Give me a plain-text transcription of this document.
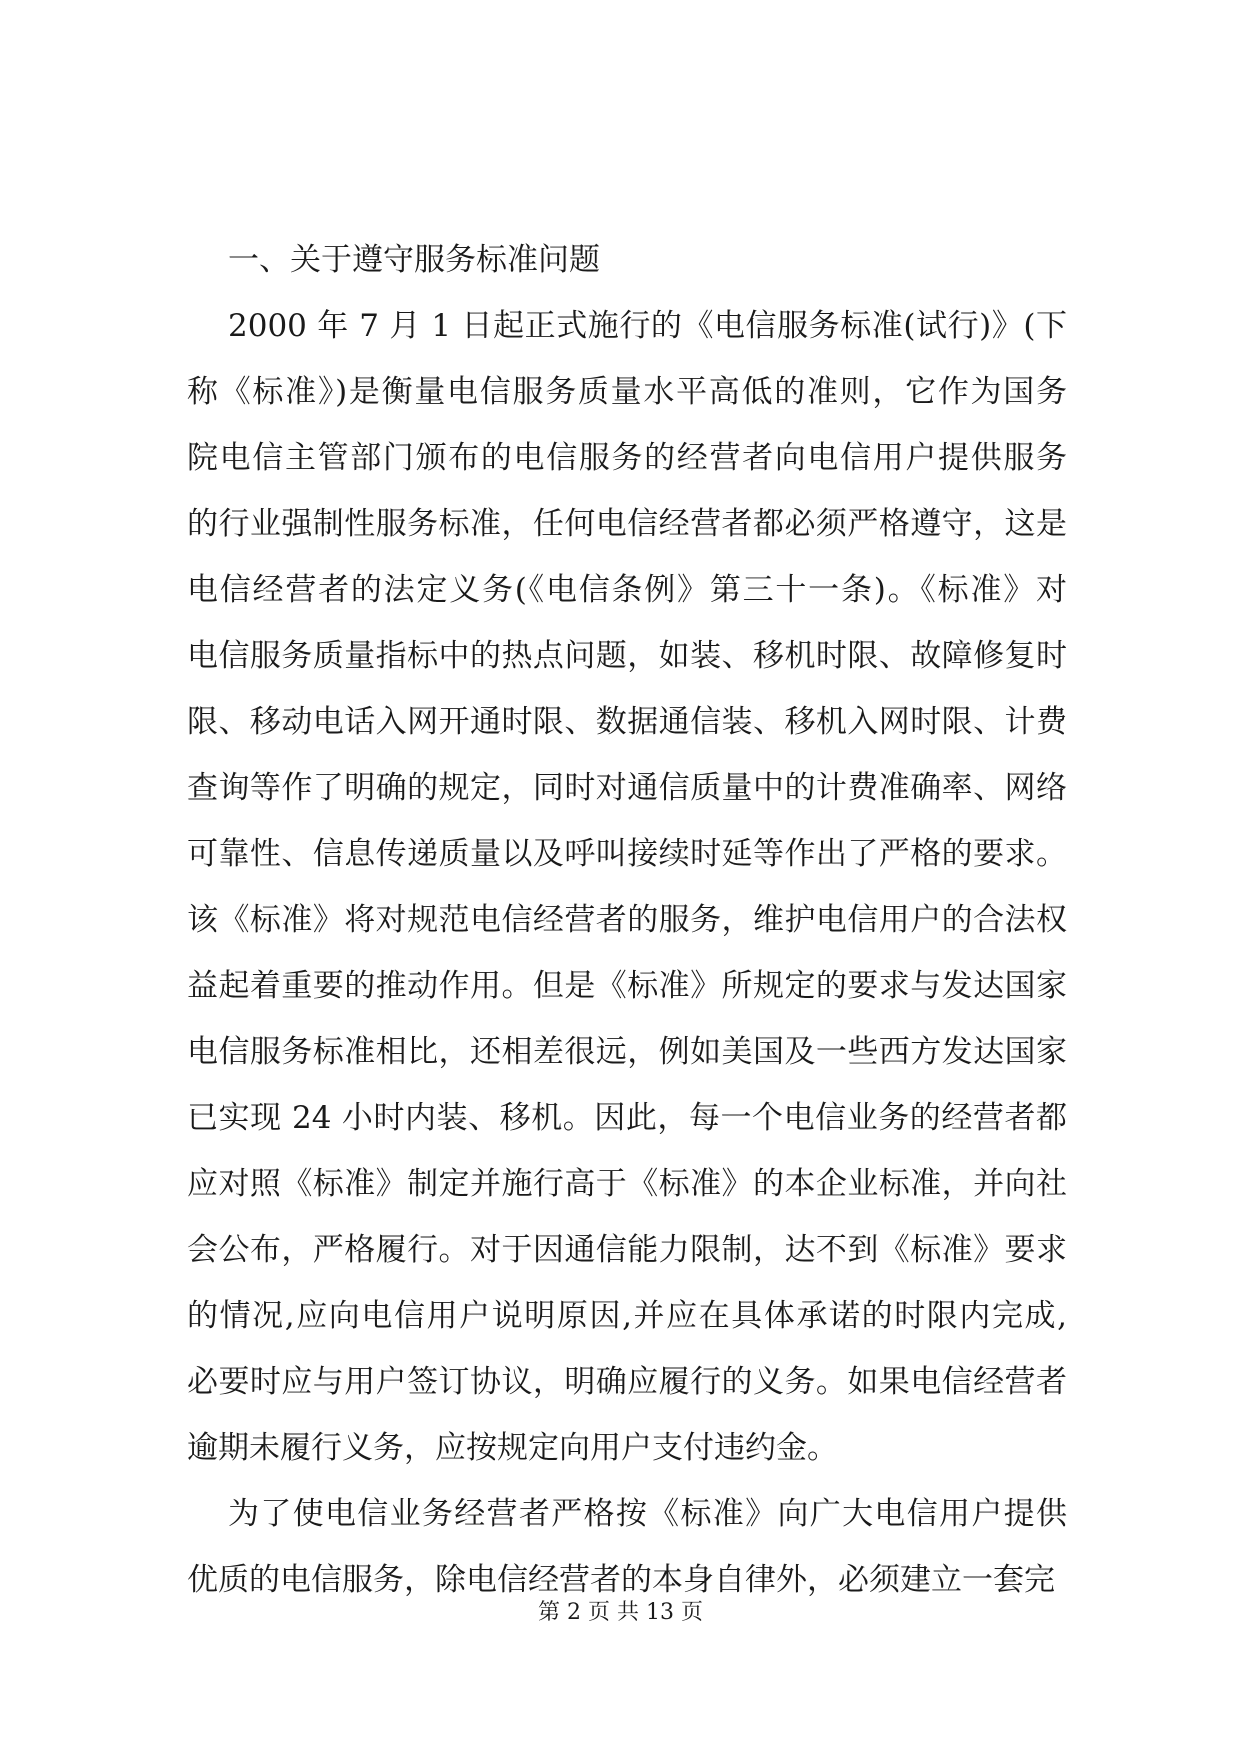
一、关于遵守服务标准问题
2000 年 7 月 1 日起正式施行的《电信服务标准(试行)》(下
称《标准》)是衡量电信服务质量水平高低的准则，它作为国务
院电信主管部门颁布的电信服务的经营者向电信用户提供服务
的行业强制性服务标准，任何电信经营者都必须严格遵守，这是
电信经营者的法定义务(《电信条例》第三十一条)。《标准》对
电信服务质量指标中的热点问题，如装、移机时限、故障修复时
限、移动电话入网开通时限、数据通信装、移机入网时限、计费
查询等作了明确的规定，同时对通信质量中的计费准确率、网络
可靠性、信息传递质量以及呼叫接续时延等作出了严格的要求。
该《标准》将对规范电信经营者的服务，维护电信用户的合法权
益起着重要的推动作用。但是《标准》所规定的要求与发达国家
电信服务标准相比，还相差很远，例如美国及一些西方发达国家
已实现 24 小时内装、移机。因此，每一个电信业务的经营者都
应对照《标准》制定并施行高于《标准》的本企业标准，并向社
会公布，严格履行。对于因通信能力限制，达不到《标准》要求
的情况,应向电信用户说明原因,并应在具体承诺的时限内完成,
必要时应与用户签订协议，明确应履行的义务。如果电信经营者
逾期未履行义务，应按规定向用户支付违约金。
为了使电信业务经营者严格按《标准》向广大电信用户提供
优质的电信服务，除电信经营者的本身自律外，必须建立一套完
第 2 页 共 13 页
